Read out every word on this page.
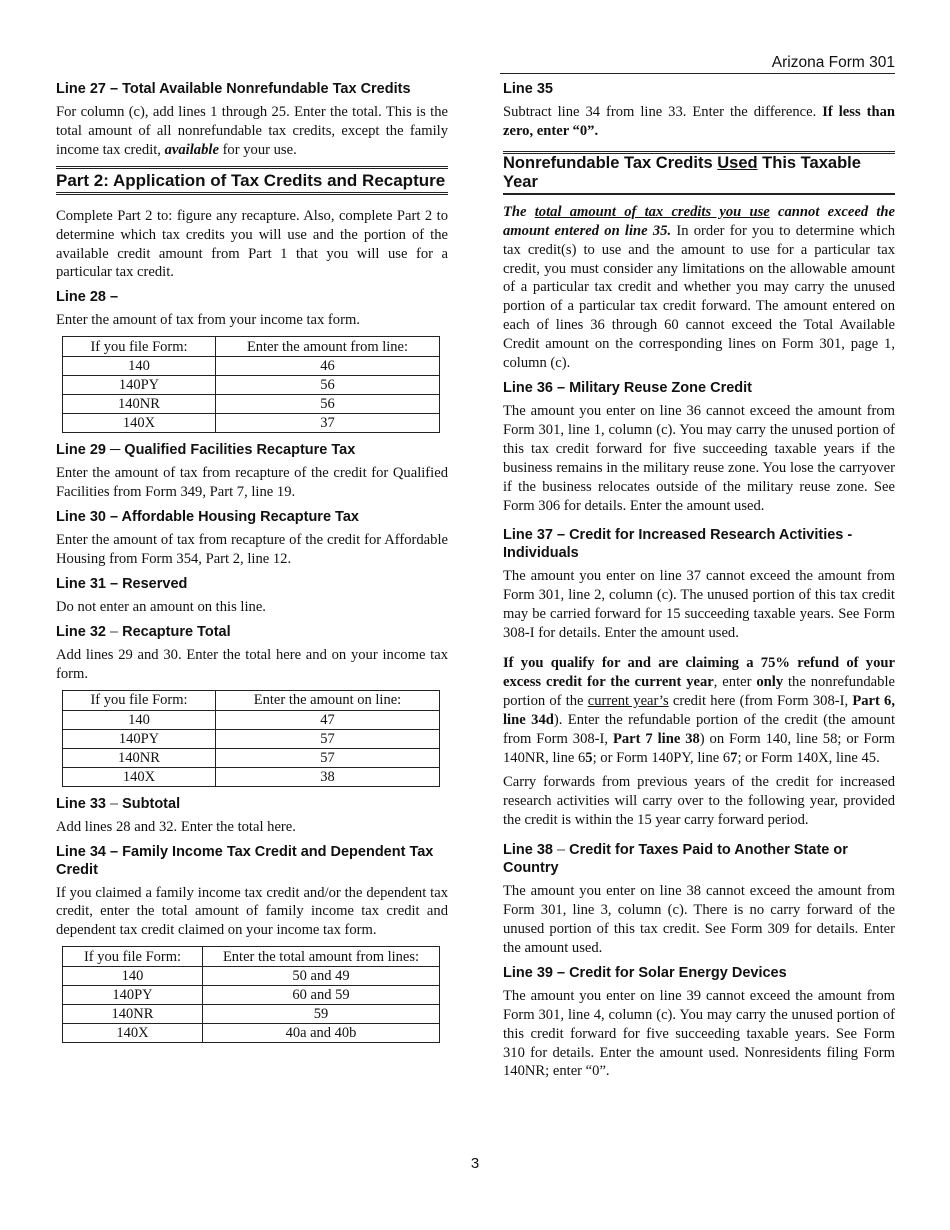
Arizona Form 301
Line 27 – Total Available Nonrefundable Tax Credits

For column (c), add lines 1 through 25. Enter the total. This is the total amount of all nonrefundable tax credits, except the family income tax credit, available for your use.

Part 2: Application of Tax Credits and Recapture

Complete Part 2 to: figure any recapture. Also, complete Part 2 to determine which tax credits you will use and the portion of the available credit amount from Part 1 that you will use for a particular tax credit.

Line 28 –

Enter the amount of tax from your income tax form.

If you file Form:	Enter the amount from line:
140	46
140PY	56
140NR	56
140X	37
Line 29 ─ Qualified Facilities Recapture Tax

Enter the amount of tax from recapture of the credit for Qualified Facilities from Form 349, Part 7, line 19.

Line 30 – Affordable Housing Recapture Tax

Enter the amount of tax from recapture of the credit for Affordable Housing from Form 354, Part 2, line 12.

Line 31 – Reserved

Do not enter an amount on this line.

Line 32 – Recapture Total

Add lines 29 and 30. Enter the total here and on your income tax form.

If you file Form:	Enter the amount on line:
140	47
140PY	57
140NR	57
140X	38
Line 33 – Subtotal

Add lines 28 and 32. Enter the total here.

Line 34 – Family Income Tax Credit and Dependent Tax Credit

If you claimed a family income tax credit and/or the dependent tax credit, enter the total amount of family income tax credit and dependent tax credit claimed on your income tax form.

If you file Form:	Enter the total amount from lines:
140	50 and 49
140PY	60 and 59
140NR	59
140X	40a and 40b
Line 35

Subtract line 34 from line 33. Enter the difference. If less than zero, enter “0”.

Nonrefundable Tax Credits Used This Taxable Year

The total amount of tax credits you use cannot exceed the amount entered on line 35. In order for you to determine which tax credit(s) to use and the amount to use for a particular tax credit, you must consider any limitations on the allowable amount of a particular tax credit and whether you may carry the unused portion of a particular tax credit forward. The amount entered on each of lines 36 through 60 cannot exceed the Total Available Credit amount on the corresponding lines on Form 301, page 1, column (c).

Line 36 – Military Reuse Zone Credit

The amount you enter on line 36 cannot exceed the amount from Form 301, line 1, column (c). You may carry the unused portion of this tax credit forward for five succeeding taxable years if the business remains in the military reuse zone. You lose the carryover if the business relocates outside of the military reuse zone. See Form 306 for details. Enter the amount used.

Line 37 – Credit for Increased Research Activities - Individuals

The amount you enter on line 37 cannot exceed the amount from Form 301, line 2, column (c). The unused portion of this tax credit may be carried forward for 15 succeeding taxable years. See Form 308-I for details. Enter the amount used.

If you qualify for and are claiming a 75% refund of your excess credit for the current year, enter only the nonrefundable portion of the current year’s credit here (from Form 308-I, Part 6, line 34d). Enter the refundable portion of the credit (the amount from Form 308-I, Part 7 line 38) on Form 140, line 58; or Form 140NR, line 65; or Form 140PY, line 67; or Form 140X, line 45.

Carry forwards from previous years of the credit for increased research activities will carry over to the following year, provided the credit is within the 15 year carry forward period.

Line 38 – Credit for Taxes Paid to Another State or Country

The amount you enter on line 38 cannot exceed the amount from Form 301, line 3, column (c). There is no carry forward of the unused portion of this tax credit. See Form 309 for details. Enter the amount used.

Line 39 – Credit for Solar Energy Devices

The amount you enter on line 39 cannot exceed the amount from Form 301, line 4, column (c). You may carry the unused portion of this credit forward for five succeeding taxable years. See Form 310 for details. Enter the amount used. Nonresidents filing Form 140NR; enter “0”.

3
